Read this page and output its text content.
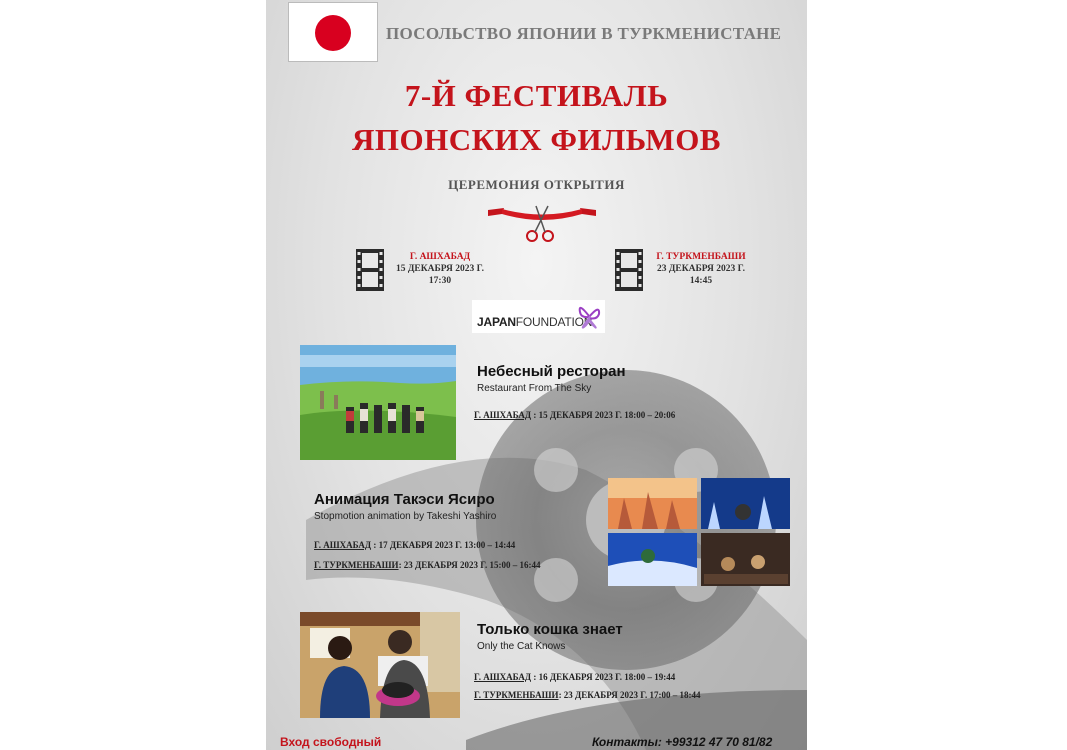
ПОСОЛЬСТВО ЯПОНИИ В ТУРКМЕНИСТАНЕ
7-Й ФЕСТИВАЛЬ
ЯПОНСКИХ ФИЛЬМОВ
ЦЕРЕМОНИЯ ОТКРЫТИЯ
Г. АШХАБАД
15 ДЕКАБРЯ 2023 Г.
17:30
Г. ТУРКМЕНБАШИ
23 ДЕКАБРЯ 2023 Г.
14:45
JAPANFOUNDATION
Небесный ресторан
Restaurant From The Sky
Г. АШХАБАД : 15 ДЕКАБРЯ 2023 Г. 18:00 – 20:06
Анимация Такэси Ясиро
Stopmotion animation by Takeshi Yashiro
Г. АШХАБАД : 17 ДЕКАБРЯ 2023 Г. 13:00 – 14:44
Г. ТУРКМЕНБАШИ: 23 ДЕКАБРЯ 2023 Г. 15:00 – 16:44
Только кошка знает
Only the Cat Knows
Г. АШХАБАД : 16 ДЕКАБРЯ 2023 Г. 18:00 – 19:44
Г. ТУРКМЕНБАШИ: 23 ДЕКАБРЯ 2023 Г. 17:00 – 18:44
Вход свободный	Контакты: +99312 47 70 81/82
